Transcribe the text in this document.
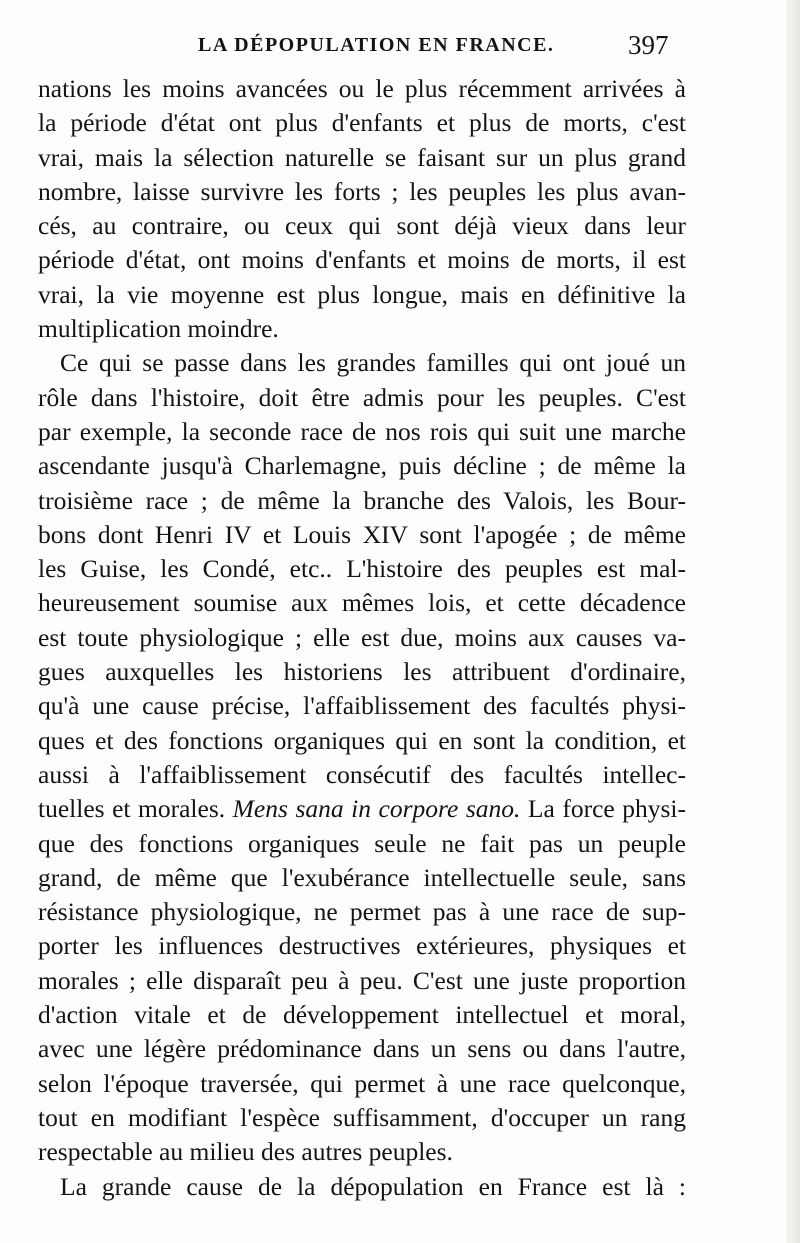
LA DÉPOPULATION EN FRANCE.	397
nations les moins avancées ou le plus récemment arrivées à
la période d'état ont plus d'enfants et plus de morts, c'est
vrai, mais la sélection naturelle se faisant sur un plus grand
nombre, laisse survivre les forts ; les peuples les plus avan-
cés, au contraire, ou ceux qui sont déjà vieux dans leur
période d'état, ont moins d'enfants et moins de morts, il est
vrai, la vie moyenne est plus longue, mais en définitive la
multiplication moindre.
Ce qui se passe dans les grandes familles qui ont joué un
rôle dans l'histoire, doit être admis pour les peuples. C'est
par exemple, la seconde race de nos rois qui suit une marche
ascendante jusqu'à Charlemagne, puis décline ; de même la
troisième race ; de même la branche des Valois, les Bour-
bons dont Henri IV et Louis XIV sont l'apogée ; de même
les Guise, les Condé, etc.. L'histoire des peuples est mal-
heureusement soumise aux mêmes lois, et cette décadence
est toute physiologique ; elle est due, moins aux causes va-
gues auxquelles les historiens les attribuent d'ordinaire,
qu'à une cause précise, l'affaiblissement des facultés physi-
ques et des fonctions organiques qui en sont la condition, et
aussi à l'affaiblissement consécutif des facultés intellec-
tuelles et morales. Mens sana in corpore sano. La force physi-
que des fonctions organiques seule ne fait pas un peuple
grand, de même que l'exubérance intellectuelle seule, sans
résistance physiologique, ne permet pas à une race de sup-
porter les influences destructives extérieures, physiques et
morales ; elle disparaît peu à peu. C'est une juste proportion
d'action vitale et de développement intellectuel et moral,
avec une légère prédominance dans un sens ou dans l'autre,
selon l'époque traversée, qui permet à une race quelconque,
tout en modifiant l'espèce suffisamment, d'occuper un rang
respectable au milieu des autres peuples.
La grande cause de la dépopulation en France est là :
